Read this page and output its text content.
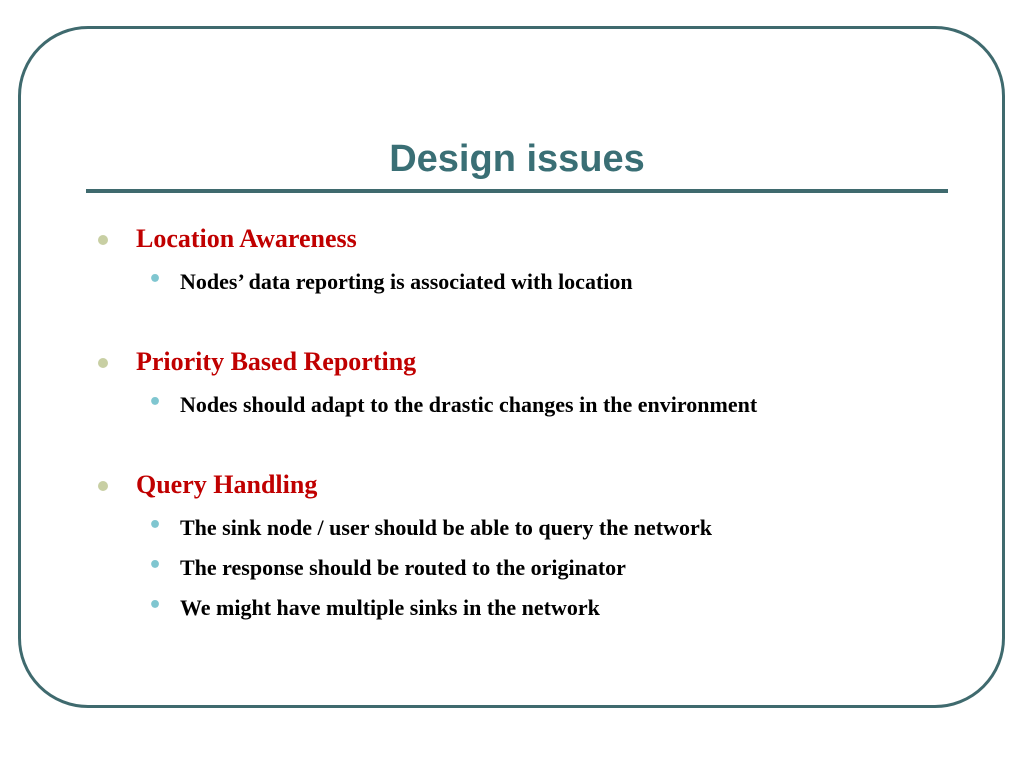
Design issues

Location Awareness

• Nodes’ data reporting is associated with location

Priority Based Reporting

• Nodes should adapt to the drastic changes in the environment

Query Handling

• The sink node / user should be able to query the network

• The response should be routed to the originator

• We might have multiple sinks in the network
